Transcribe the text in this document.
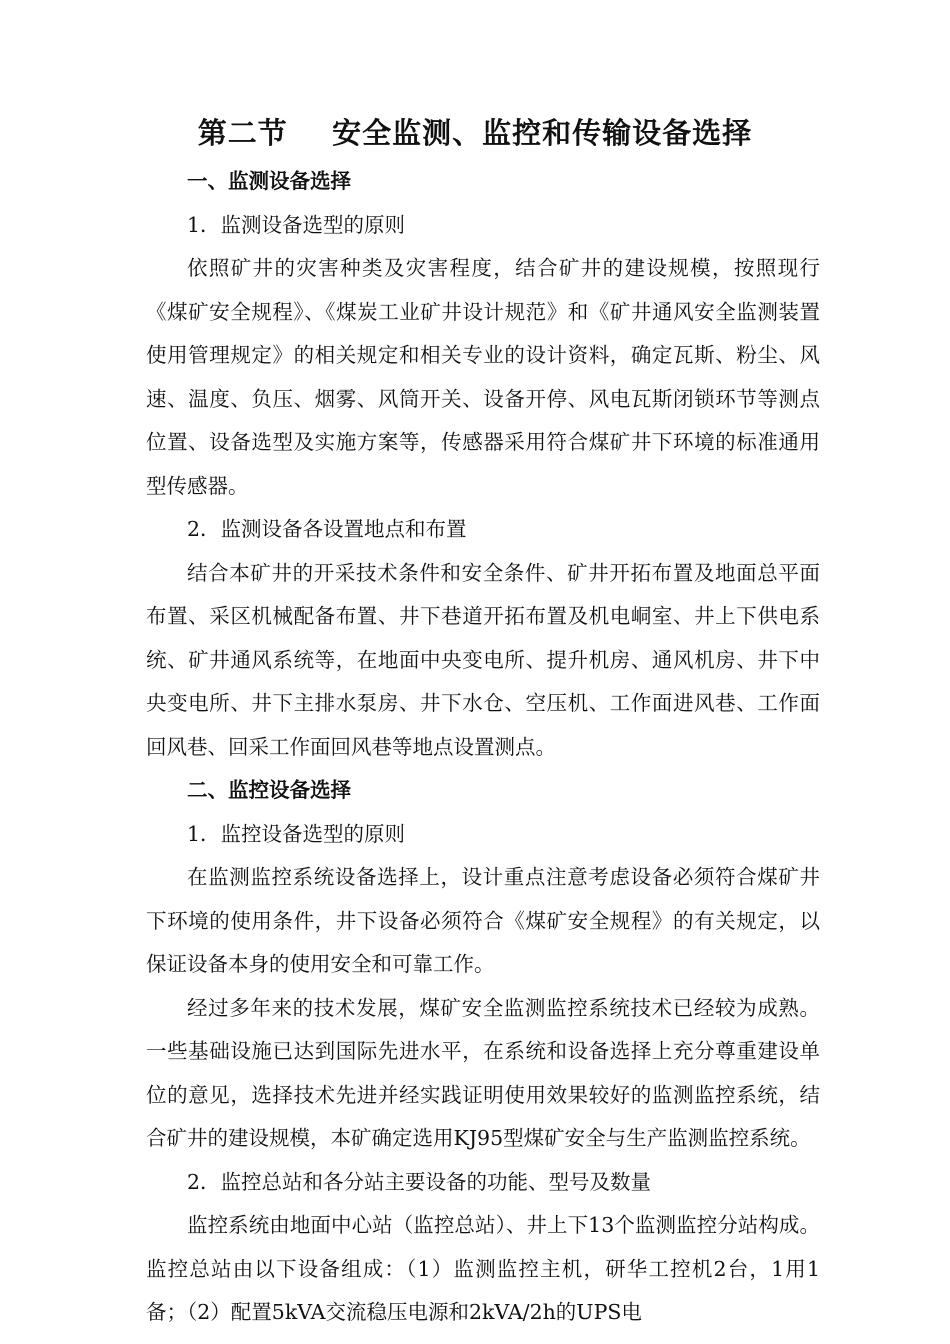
第二节    安全监测、监控和传输设备选择

一、监测设备选择

1．监测设备选型的原则

依照矿井的灾害种类及灾害程度，结合矿井的建设规模，按照现行《煤矿安全规程》、《煤炭工业矿井设计规范》和《矿井通风安全监测装置使用管理规定》的相关规定和相关专业的设计资料，确定瓦斯、粉尘、风速、温度、负压、烟雾、风筒开关、设备开停、风电瓦斯闭锁环节等测点位置、设备选型及实施方案等，传感器采用符合煤矿井下环境的标准通用型传感器。

2．监测设备各设置地点和布置

结合本矿井的开采技术条件和安全条件、矿井开拓布置及地面总平面布置、采区机械配备布置、井下巷道开拓布置及机电峒室、井上下供电系统、矿井通风系统等，在地面中央变电所、提升机房、通风机房、井下中央变电所、井下主排水泵房、井下水仓、空压机、工作面进风巷、工作面回风巷、回采工作面回风巷等地点设置测点。

二、监控设备选择

1．监控设备选型的原则

在监测监控系统设备选择上，设计重点注意考虑设备必须符合煤矿井下环境的使用条件，井下设备必须符合《煤矿安全规程》的有关规定，以保证设备本身的使用安全和可靠工作。

经过多年来的技术发展，煤矿安全监测监控系统技术已经较为成熟。一些基础设施已达到国际先进水平，在系统和设备选择上充分尊重建设单位的意见，选择技术先进并经实践证明使用效果较好的监测监控系统，结合矿井的建设规模，本矿确定选用KJ95型煤矿安全与生产监测监控系统。

2．监控总站和各分站主要设备的功能、型号及数量

监控系统由地面中心站（监控总站）、井上下13个监测监控分站构成。监控总站由以下设备组成：（1）监测监控主机，研华工控机2台，1用1备；（2）配置5kVA交流稳压电源和2kVA/2h的UPS电
